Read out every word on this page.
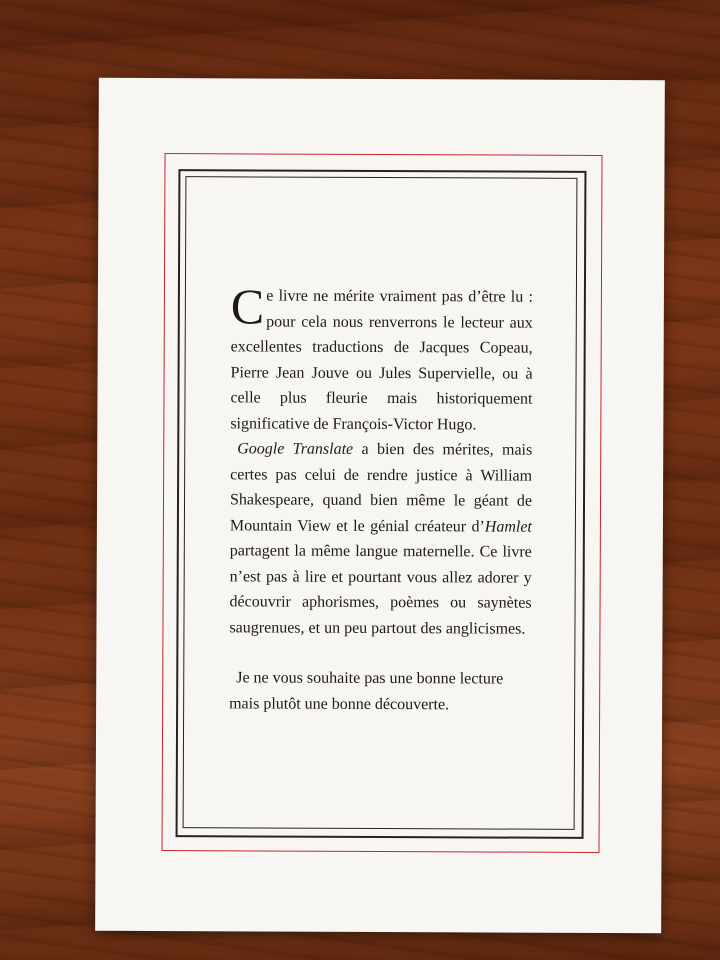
Ce livre ne mérite vraiment pas d’être lu : pour cela nous renverrons le lecteur aux excellentes traductions de Jacques Copeau, Pierre Jean Jouve ou Jules Supervielle, ou à celle plus fleurie mais historiquement significative de François-Victor Hugo.

Google Translate a bien des mérites, mais certes pas celui de rendre justice à William Shakespeare, quand bien même le géant de Mountain View et le génial créateur d’Hamlet partagent la même langue maternelle. Ce livre n’est pas à lire et pourtant vous allez adorer y découvrir aphorismes, poèmes ou saynètes saugrenues, et un peu partout des anglicismes.

Je ne vous souhaite pas une bonne lecture mais plutôt une bonne découverte.
